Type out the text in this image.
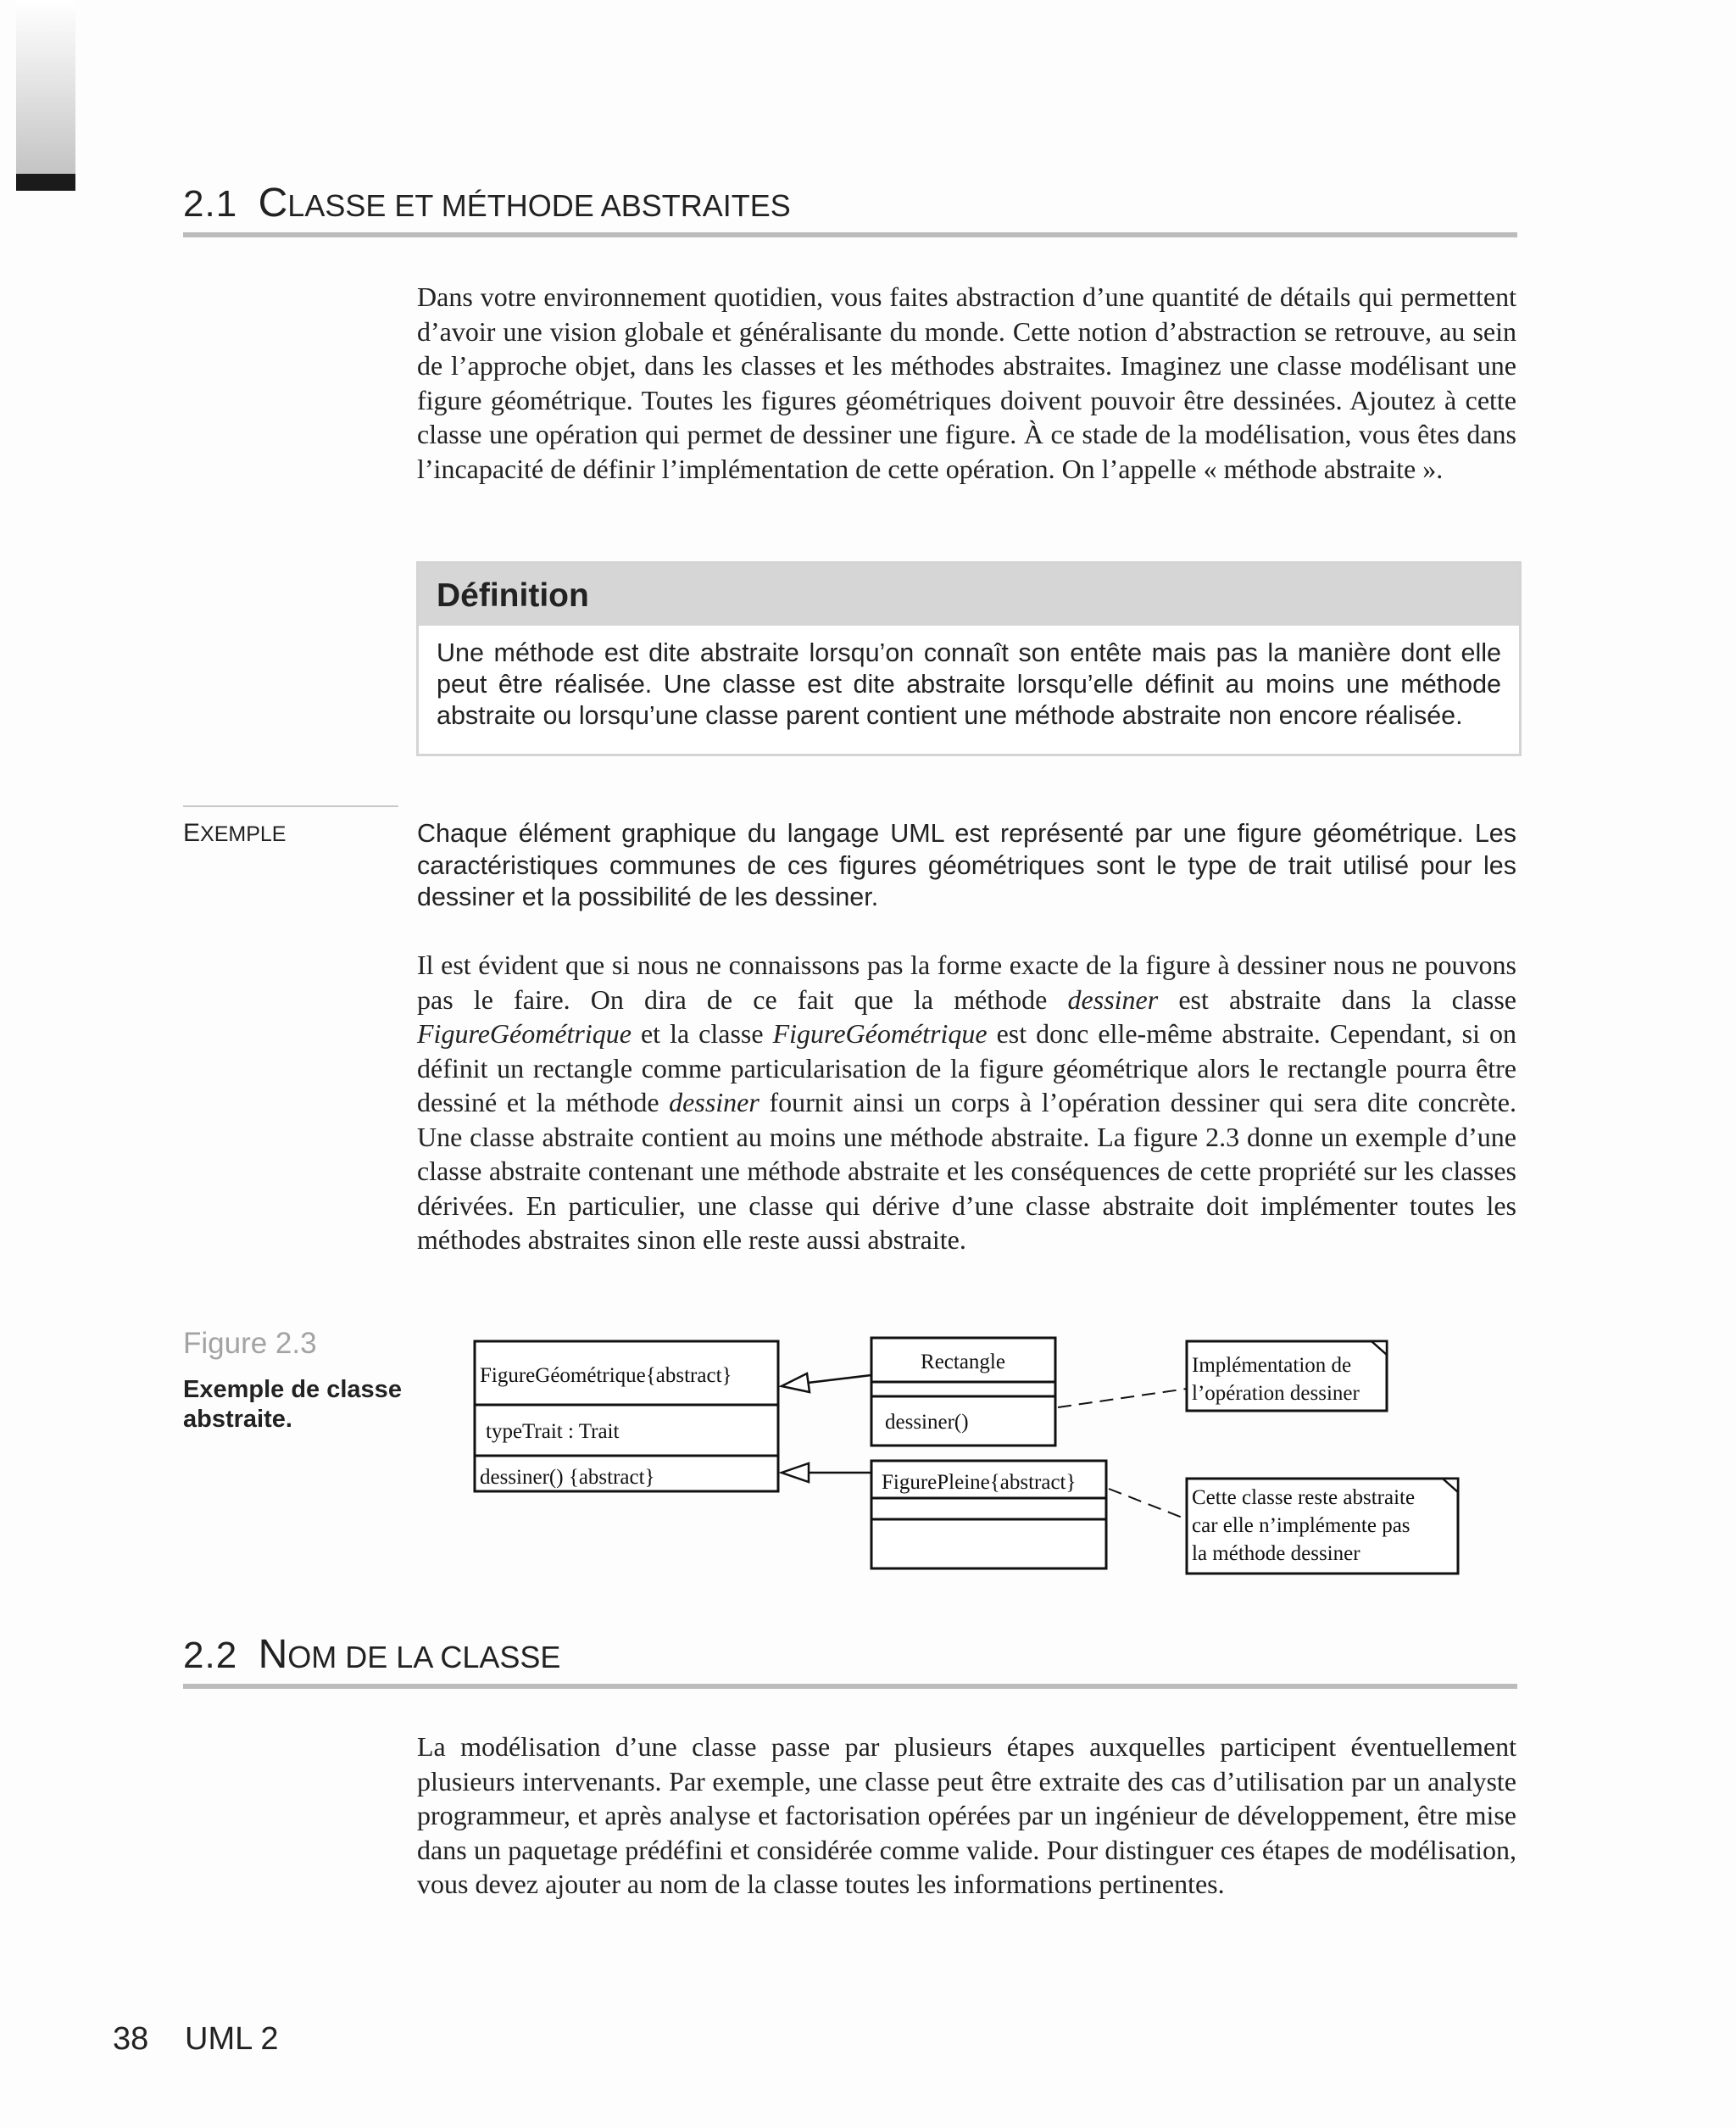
2.1 CLASSE ET MÉTHODE ABSTRAITES

Dans votre environnement quotidien, vous faites abstraction d’une quantité de détails qui permettent d’avoir une vision globale et généralisante du monde. Cette notion d’abstraction se retrouve, au sein de l’approche objet, dans les classes et les méthodes abstraites. Imaginez une classe modélisant une figure géométrique. Toutes les figures géométriques doivent pouvoir être dessinées. Ajoutez à cette classe une opération qui permet de dessiner une figure. À ce stade de la modélisation, vous êtes dans l’incapacité de définir l’implémentation de cette opération. On l’appelle « méthode abstraite ».

Définition

Une méthode est dite abstraite lorsqu’on connaît son entête mais pas la manière dont elle peut être réalisée. Une classe est dite abstraite lorsqu’elle définit au moins une méthode abstraite ou lorsqu’une classe parent contient une méthode abstraite non encore réalisée.

EXEMPLE	Chaque élément graphique du langage UML est représenté par une figure géométrique. Les caractéristiques communes de ces figures géométriques sont le type de trait utilisé pour les dessiner et la possibilité de les dessiner.

Il est évident que si nous ne connaissons pas la forme exacte de la figure à dessiner nous ne pouvons pas le faire. On dira de ce fait que la méthode dessiner est abstraite dans la classe FigureGéométrique et la classe FigureGéométrique est donc elle-même abstraite. Cependant, si on définit un rectangle comme particularisation de la figure géométrique alors le rectangle pourra être dessiné et la méthode dessiner fournit ainsi un corps à l’opération dessiner qui sera dite concrète. Une classe abstraite contient au moins une méthode abstraite. La figure 2.3 donne un exemple d’une classe abstraite contenant une méthode abstraite et les conséquences de cette propriété sur les classes dérivées. En particulier, une classe qui dérive d’une classe abstraite doit implémenter toutes les méthodes abstraites sinon elle reste aussi abstraite.

Figure 2.3

Exemple de classe abstraite.

FigureGéométrique{abstract}
typeTrait : Trait
dessiner() {abstract}
Rectangle
dessiner()
FigurePleine{abstract}
Implémentation de
l’opération dessiner
Cette classe reste abstraite
car elle n’implémente pas
la méthode dessiner
2.2 NOM DE LA CLASSE

La modélisation d’une classe passe par plusieurs étapes auxquelles participent éventuellement plusieurs intervenants. Par exemple, une classe peut être extraite des cas d’utilisation par un analyste programmeur, et après analyse et factorisation opérées par un ingénieur de développement, être mise dans un paquetage prédéfini et considérée comme valide. Pour distinguer ces étapes de modélisation, vous devez ajouter au nom de la classe toutes les informations pertinentes.

38 UML 2
